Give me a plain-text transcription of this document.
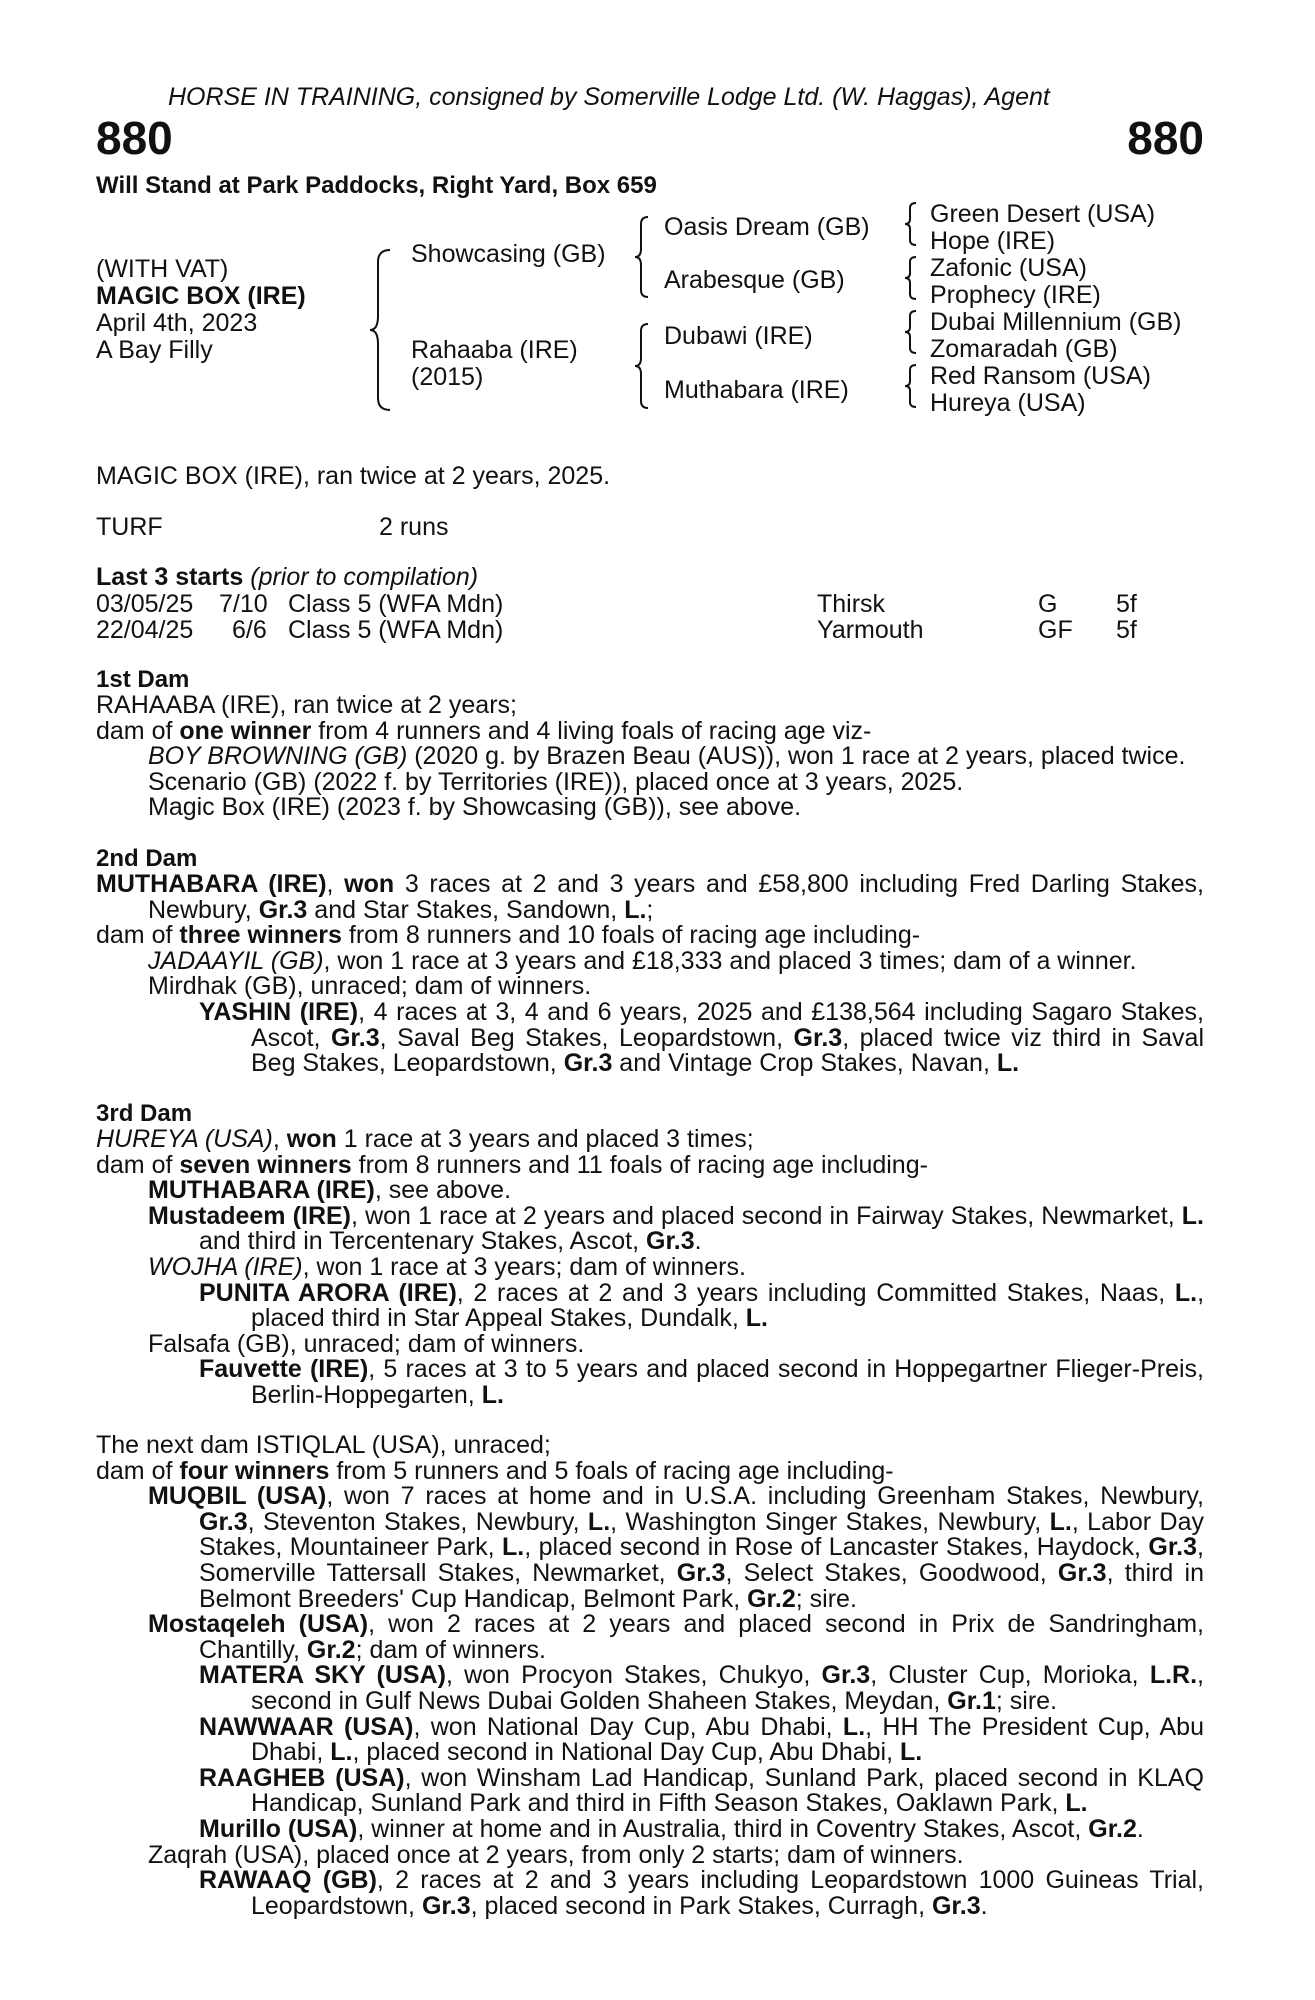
HORSE IN TRAINING, consigned by Somerville Lodge Ltd. (W. Haggas), Agent
880	880
Will Stand at Park Paddocks, Right Yard, Box 659
(WITH VAT)
MAGIC BOX (IRE)
April 4th, 2023
A Bay Filly
Showcasing (GB)
Rahaaba (IRE)
(2015)
Oasis Dream (GB)
Arabesque (GB)
Dubawi (IRE)
Muthabara (IRE)
Green Desert (USA)
Hope (IRE)
Zafonic (USA)
Prophecy (IRE)
Dubai Millennium (GB)
Zomaradah (GB)
Red Ransom (USA)
Hureya (USA)
MAGIC BOX (IRE), ran twice at 2 years, 2025.
TURF	2 runs
Last 3 starts (prior to compilation)
03/05/25 7/10 Class 5 (WFA Mdn)	Thirsk	G 5f
22/04/25 6/6 Class 5 (WFA Mdn)	Yarmouth	GF 5f
1st Dam
RAHAABA (IRE), ran twice at 2 years;
dam of one winner from 4 runners and 4 living foals of racing age viz-
BOY BROWNING (GB) (2020 g. by Brazen Beau (AUS)), won 1 race at 2 years, placed twice.
Scenario (GB) (2022 f. by Territories (IRE)), placed once at 3 years, 2025.
Magic Box (IRE) (2023 f. by Showcasing (GB)), see above.
2nd Dam
MUTHABARA (IRE), won 3 races at 2 and 3 years and £58,800 including Fred Darling Stakes, Newbury, Gr.3 and Star Stakes, Sandown, L.;
dam of three winners from 8 runners and 10 foals of racing age including-
JADAAYIL (GB), won 1 race at 3 years and £18,333 and placed 3 times; dam of a winner.
Mirdhak (GB), unraced; dam of winners.
YASHIN (IRE), 4 races at 3, 4 and 6 years, 2025 and £138,564 including Sagaro Stakes, Ascot, Gr.3, Saval Beg Stakes, Leopardstown, Gr.3, placed twice viz third in Saval Beg Stakes, Leopardstown, Gr.3 and Vintage Crop Stakes, Navan, L.
3rd Dam
HUREYA (USA), won 1 race at 3 years and placed 3 times;
dam of seven winners from 8 runners and 11 foals of racing age including-
MUTHABARA (IRE), see above.
Mustadeem (IRE), won 1 race at 2 years and placed second in Fairway Stakes, Newmarket, L. and third in Tercentenary Stakes, Ascot, Gr.3.
WOJHA (IRE), won 1 race at 3 years; dam of winners.
PUNITA ARORA (IRE), 2 races at 2 and 3 years including Committed Stakes, Naas, L., placed third in Star Appeal Stakes, Dundalk, L.
Falsafa (GB), unraced; dam of winners.
Fauvette (IRE), 5 races at 3 to 5 years and placed second in Hoppegartner Flieger-Preis, Berlin-Hoppegarten, L.
The next dam ISTIQLAL (USA), unraced;
dam of four winners from 5 runners and 5 foals of racing age including-
MUQBIL (USA), won 7 races at home and in U.S.A. including Greenham Stakes, Newbury, Gr.3, Steventon Stakes, Newbury, L., Washington Singer Stakes, Newbury, L., Labor Day Stakes, Mountaineer Park, L., placed second in Rose of Lancaster Stakes, Haydock, Gr.3, Somerville Tattersall Stakes, Newmarket, Gr.3, Select Stakes, Goodwood, Gr.3, third in Belmont Breeders' Cup Handicap, Belmont Park, Gr.2; sire.
Mostaqeleh (USA), won 2 races at 2 years and placed second in Prix de Sandringham, Chantilly, Gr.2; dam of winners.
MATERA SKY (USA), won Procyon Stakes, Chukyo, Gr.3, Cluster Cup, Morioka, L.R., second in Gulf News Dubai Golden Shaheen Stakes, Meydan, Gr.1; sire.
NAWWAAR (USA), won National Day Cup, Abu Dhabi, L., HH The President Cup, Abu Dhabi, L., placed second in National Day Cup, Abu Dhabi, L.
RAAGHEB (USA), won Winsham Lad Handicap, Sunland Park, placed second in KLAQ Handicap, Sunland Park and third in Fifth Season Stakes, Oaklawn Park, L.
Murillo (USA), winner at home and in Australia, third in Coventry Stakes, Ascot, Gr.2.
Zaqrah (USA), placed once at 2 years, from only 2 starts; dam of winners.
RAWAAQ (GB), 2 races at 2 and 3 years including Leopardstown 1000 Guineas Trial, Leopardstown, Gr.3, placed second in Park Stakes, Curragh, Gr.3.
